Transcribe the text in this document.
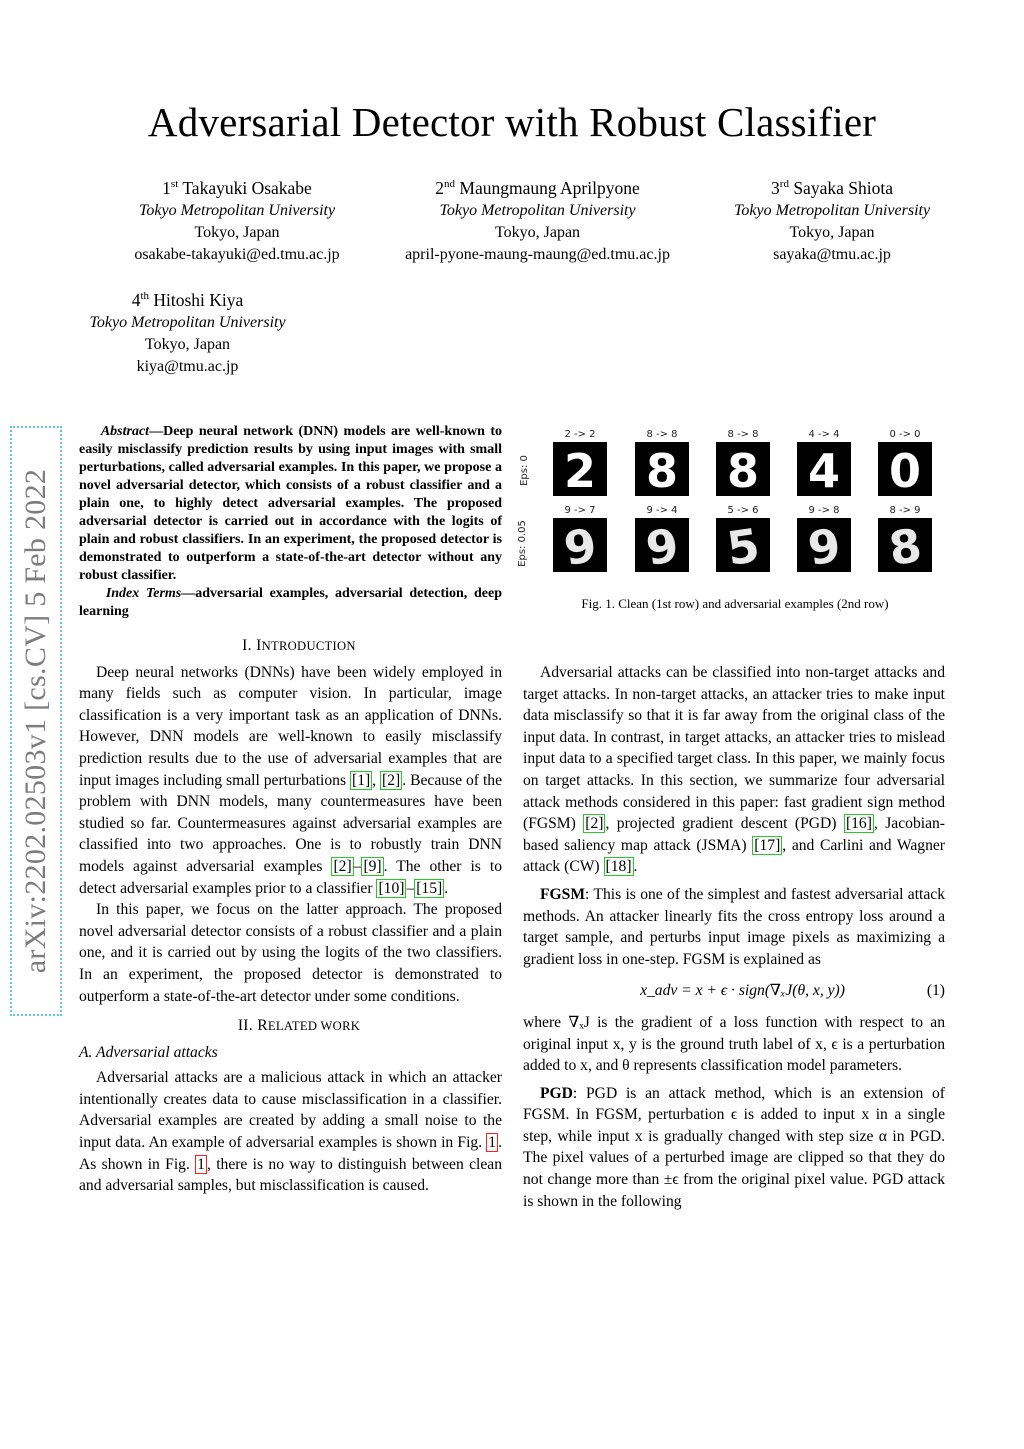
Adversarial Detector with Robust Classifier
1st Takayuki Osakabe
Tokyo Metropolitan University
Tokyo, Japan
osakabe-takayuki@ed.tmu.ac.jp
2nd Maungmaung Aprilpyone
Tokyo Metropolitan University
Tokyo, Japan
april-pyone-maung-maung@ed.tmu.ac.jp
3rd Sayaka Shiota
Tokyo Metropolitan University
Tokyo, Japan
sayaka@tmu.ac.jp
4th Hitoshi Kiya
Tokyo Metropolitan University
Tokyo, Japan
kiya@tmu.ac.jp
arXiv:2202.02503v1 [cs.CV] 5 Feb 2022
Abstract—Deep neural network (DNN) models are well-known to easily misclassify prediction results by using input images with small perturbations, called adversarial examples. In this paper, we propose a novel adversarial detector, which consists of a robust classifier and a plain one, to highly detect adversarial examples. The proposed adversarial detector is carried out in accordance with the logits of plain and robust classifiers. In an experiment, the proposed detector is demonstrated to outperform a state-of-the-art detector without any robust classifier.
Index Terms—adversarial examples, adversarial detection, deep learning

I. INTRODUCTION

Deep neural networks (DNNs) have been widely employed in many fields such as computer vision. In particular, image classification is a very important task as an application of DNNs. However, DNN models are well-known to easily misclassify prediction results due to the use of adversarial examples that are input images including small perturbations [1] , [2] . Because of the problem with DNN models, many countermeasures have been studied so far. Countermeasures against adversarial examples are classified into two approaches. One is to robustly train DNN models against adversarial examples [2] – [9] . The other is to detect adversarial examples prior to a classifier [10] – [15] .

In this paper, we focus on the latter approach. The proposed novel adversarial detector consists of a robust classifier and a plain one, and it is carried out by using the logits of the two classifiers. In an experiment, the proposed detector is demonstrated to outperform a state-of-the-art detector under some conditions.

II. RELATED WORK

A. Adversarial attacks

Adversarial attacks are a malicious attack in which an attacker intentionally creates data to cause misclassification in a classifier. Adversarial examples are created by adding a small noise to the input data. An example of adversarial examples is shown in Fig. 1 . As shown in Fig. 1 , there is no way to distinguish between clean and adversarial samples, but misclassification is caused.

Eps: 0
Eps: 0.05
2 -> 2
2
8 -> 8
8
8 -> 8
8
4 -> 4
4
0 -> 0
0
9 -> 7
9
9 -> 4
9
5 -> 6
5
9 -> 8
9
8 -> 9
8
Fig. 1. Clean (1st row) and adversarial examples (2nd row)

Adversarial attacks can be classified into non-target attacks and target attacks. In non-target attacks, an attacker tries to make input data misclassify so that it is far away from the original class of the input data. In contrast, in target attacks, an attacker tries to mislead input data to a specified target class. In this paper, we mainly focus on target attacks. In this section, we summarize four adversarial attack methods considered in this paper: fast gradient sign method (FGSM) [2] , projected gradient descent (PGD) [16] , Jacobian-based saliency map attack (JSMA) [17] , and Carlini and Wagner attack (CW) [18] .

FGSM: This is one of the simplest and fastest adversarial attack methods. An attacker linearly fits the cross entropy loss around a target sample, and perturbs input image pixels as maximizing a gradient loss in one-step. FGSM is explained as

x_adv = x + ϵ · sign(∇ₓJ(θ, x, y))	(1)

where ∇ₓJ is the gradient of a loss function with respect to an original input x, y is the ground truth label of x, ϵ is a perturbation added to x, and θ represents classification model parameters.

PGD: PGD is an attack method, which is an extension of FGSM. In FGSM, perturbation ϵ is added to input x in a single step, while input x is gradually changed with step size α in PGD. The pixel values of a perturbed image are clipped so that they do not change more than ±ϵ from the original pixel value. PGD attack is shown in the following
